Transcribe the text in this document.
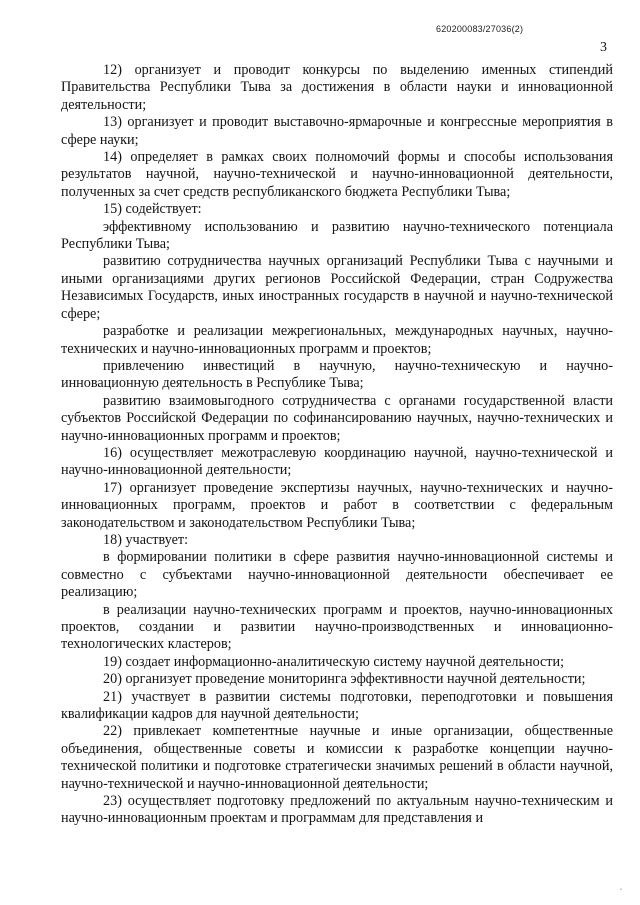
620200083/27036(2)
3

12) организует и проводит конкурсы по выделению именных стипендий Правительства Республики Тыва за достижения в области науки и инновационной деятельности;

13) организует и проводит выставочно-ярмарочные и конгрессные мероприятия в сфере науки;

14) определяет в рамках своих полномочий формы и способы использования результатов научной, научно-технической и научно-инновационной деятельности, полученных за счет средств республиканского бюджета Республики Тыва;

15) содействует:

эффективному использованию и развитию научно-технического потенциала Республики Тыва;

развитию сотрудничества научных организаций Республики Тыва с научными и иными организациями других регионов Российской Федерации, стран Содружества Независимых Государств, иных иностранных государств в научной и научно-технической сфере;

разработке и реализации межрегиональных, международных научных, научно-технических и научно-инновационных программ и проектов;

привлечению инвестиций в научную, научно-техническую и научно-инновационную деятельность в Республике Тыва;

развитию взаимовыгодного сотрудничества с органами государственной власти субъектов Российской Федерации по софинансированию научных, научно-технических и научно-инновационных программ и проектов;

16) осуществляет межотраслевую координацию научной, научно-технической и научно-инновационной деятельности;

17) организует проведение экспертизы научных, научно-технических и научно-инновационных программ, проектов и работ в соответствии с федеральным законодательством и законодательством Республики Тыва;

18) участвует:

в формировании политики в сфере развития научно-инновационной системы и совместно с субъектами научно-инновационной деятельности обеспечивает ее реализацию;

в реализации научно-технических программ и проектов, научно-инновационных проектов, создании и развитии научно-производственных и инновационно-технологических кластеров;

19) создает информационно-аналитическую систему научной деятельности;

20) организует проведение мониторинга эффективности научной деятельности;

21) участвует в развитии системы подготовки, переподготовки и повышения квалификации кадров для научной деятельности;

22) привлекает компетентные научные и иные организации, общественные объединения, общественные советы и комиссии к разработке концепции научно-технической политики и подготовке стратегически значимых решений в области научной, научно-технической и научно-инновационной деятельности;

23) осуществляет подготовку предложений по актуальным научно-техническим и научно-инновационным проектам и программам для представления и

·
